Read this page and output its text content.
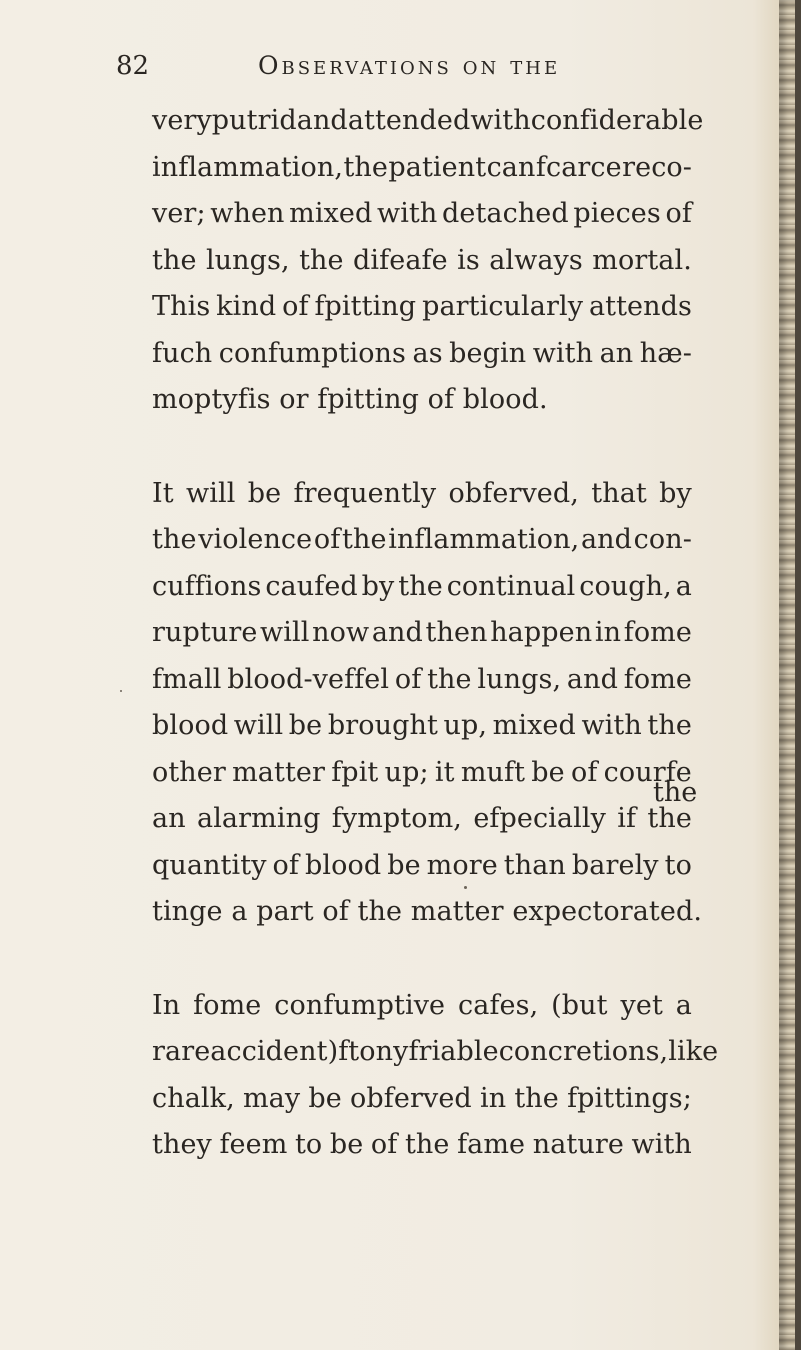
82	Observations on the
very putrid and attended with confiderable
inflammation, the patient can fcarce reco-
ver; when mixed with detached pieces of
the lungs, the difeafe is always mortal.
This kind of fpitting particularly attends
fuch confumptions as begin with an hæ-
moptyfis or fpitting of blood.
It will be frequently obferved, that by
the violence of the inflammation, and con-
cuffions caufed by the continual cough, a
rupture will now and then happen in fome
fmall blood-veffel of the lungs, and fome
blood will be brought up, mixed with the
other matter fpit up; it muft be of courfe
an alarming fymptom, efpecially if the
quantity of blood be more than barely to
tinge a part of the matter expectorated.
In fome confumptive cafes, (but yet a
rare accident) ftony friable concretions, like
chalk, may be obferved in the fpittings;
they feem to be of the fame nature with
the
